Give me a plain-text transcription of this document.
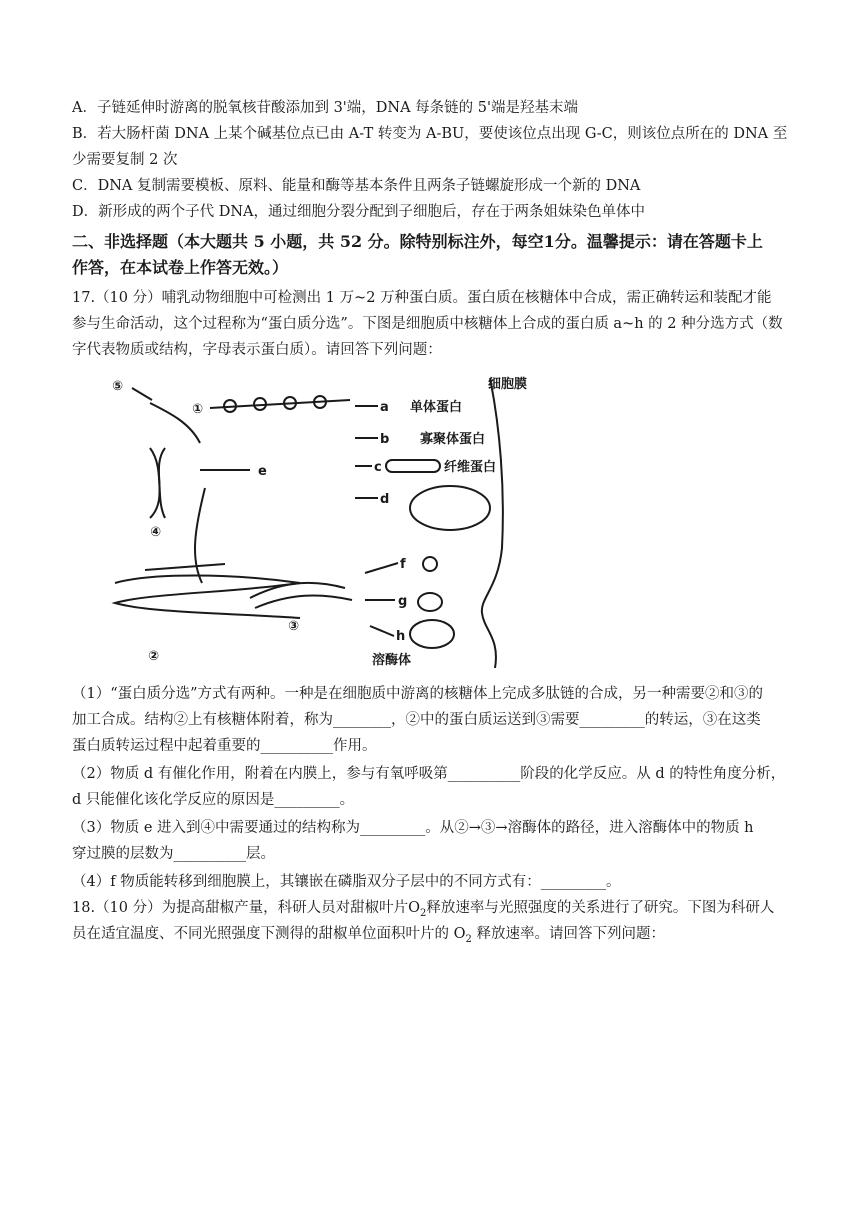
A．子链延伸时游离的脱氧核苷酸添加到 3'端，DNA 每条链的 5'端是羟基末端
B．若大肠杆菌 DNA 上某个碱基位点已由 A-T 转变为 A-BU，要使该位点出现 G-C，则该位点所在的 DNA 至
少需要复制 2 次
C．DNA 复制需要模板、原料、能量和酶等基本条件且两条子链螺旋形成一个新的 DNA
D．新形成的两个子代 DNA，通过细胞分裂分配到子细胞后，存在于两条姐妹染色单体中
二、非选择题（本大题共 5 小题，共 52 分。除特别标注外，每空1分。温馨提示：请在答题卡上
作答，在本试卷上作答无效。）
17.（10 分）哺乳动物细胞中可检测出 1 万~2 万种蛋白质。蛋白质在核糖体中合成，需正确转运和装配才能
参与生命活动，这个过程称为“蛋白质分选”。下图是细胞质中核糖体上合成的蛋白质 a~h 的 2 种分选方式（数
字代表物质或结构，字母表示蛋白质）。请回答下列问题：
细胞膜
⑤
①	a 单体蛋白
b 寡聚体蛋白
c	纤维蛋白
d
e
④
②
③
f
g
h
溶酶体
（1）“蛋白质分选”方式有两种。一种是在细胞质中游离的核糖体上完成多肽链的合成，另一种需要②和③的
加工合成。结构②上有核糖体附着，称为________，②中的蛋白质运送到③需要_________的转运，③在这类
蛋白质转运过程中起着重要的__________作用。
（2）物质 d 有催化作用，附着在内膜上，参与有氧呼吸第__________阶段的化学反应。从 d 的特性角度分析，
d 只能催化该化学反应的原因是_________。
（3）物质 e 进入到④中需要通过的结构称为_________。从②→③→溶酶体的路径，进入溶酶体中的物质 h
穿过膜的层数为__________层。
（4）f 物质能转移到细胞膜上，其镶嵌在磷脂双分子层中的不同方式有：_________。
18.（10 分）为提高甜椒产量，科研人员对甜椒叶片$O_2$释放速率与光照强度的关系进行了研究。下图为科研人
员在适宜温度、不同光照强度下测得的甜椒单位面积叶片的 $O_2$ 释放速率。请回答下列问题：
